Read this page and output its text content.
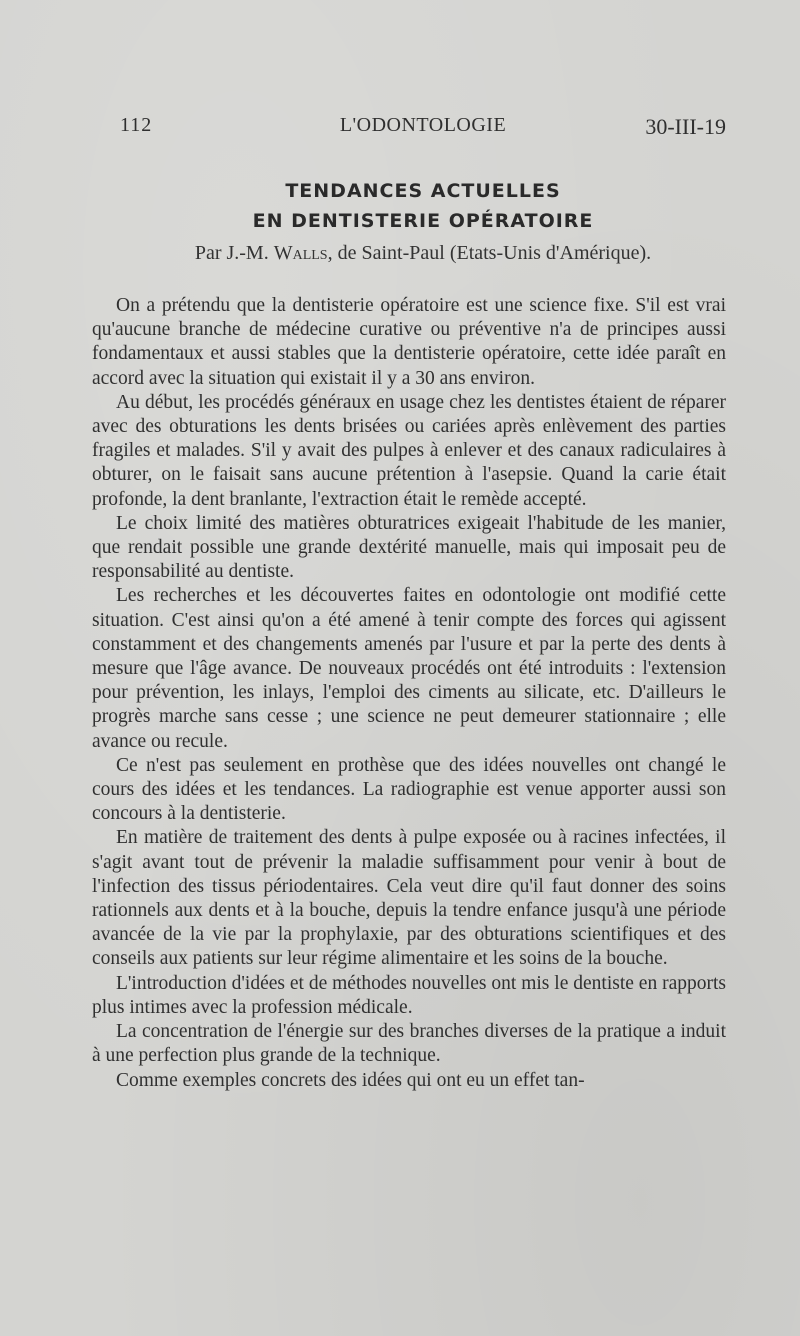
112	L'ODONTOLOGIE	30-III-19
TENDANCES ACTUELLES
EN DENTISTERIE OPÉRATOIRE
Par J.-M. Walls, de Saint-Paul (Etats-Unis d'Amérique).

On a prétendu que la dentisterie opératoire est une science fixe. S'il est vrai qu'aucune branche de médecine curative ou préventive n'a de principes aussi fondamentaux et aussi stables que la dentisterie opératoire, cette idée paraît en accord avec la situation qui existait il y a 30 ans environ.

Au début, les procédés généraux en usage chez les dentistes étaient de réparer avec des obturations les dents brisées ou cariées après enlèvement des parties fragiles et malades. S'il y avait des pulpes à enlever et des canaux radiculaires à obturer, on le faisait sans aucune prétention à l'asepsie. Quand la carie était profonde, la dent branlante, l'extraction était le remède accepté.

Le choix limité des matières obturatrices exigeait l'habitude de les manier, que rendait possible une grande dextérité manuelle, mais qui imposait peu de responsabilité au dentiste.

Les recherches et les découvertes faites en odontologie ont modifié cette situation. C'est ainsi qu'on a été amené à tenir compte des forces qui agissent constamment et des changements amenés par l'usure et par la perte des dents à mesure que l'âge avance. De nouveaux procédés ont été introduits : l'extension pour prévention, les inlays, l'emploi des ciments au silicate, etc. D'ailleurs le progrès marche sans cesse ; une science ne peut demeurer stationnaire ; elle avance ou recule.

Ce n'est pas seulement en prothèse que des idées nouvelles ont changé le cours des idées et les tendances. La radiographie est venue apporter aussi son concours à la dentisterie.

En matière de traitement des dents à pulpe exposée ou à racines infectées, il s'agit avant tout de prévenir la maladie suffisamment pour venir à bout de l'infection des tissus périodentaires. Cela veut dire qu'il faut donner des soins rationnels aux dents et à la bouche, depuis la tendre enfance jusqu'à une période avancée de la vie par la prophylaxie, par des obturations scientifiques et des conseils aux patients sur leur régime alimentaire et les soins de la bouche.

L'introduction d'idées et de méthodes nouvelles ont mis le dentiste en rapports plus intimes avec la profession médicale.

La concentration de l'énergie sur des branches diverses de la pratique a induit à une perfection plus grande de la technique.

Comme exemples concrets des idées qui ont eu un effet tan-
